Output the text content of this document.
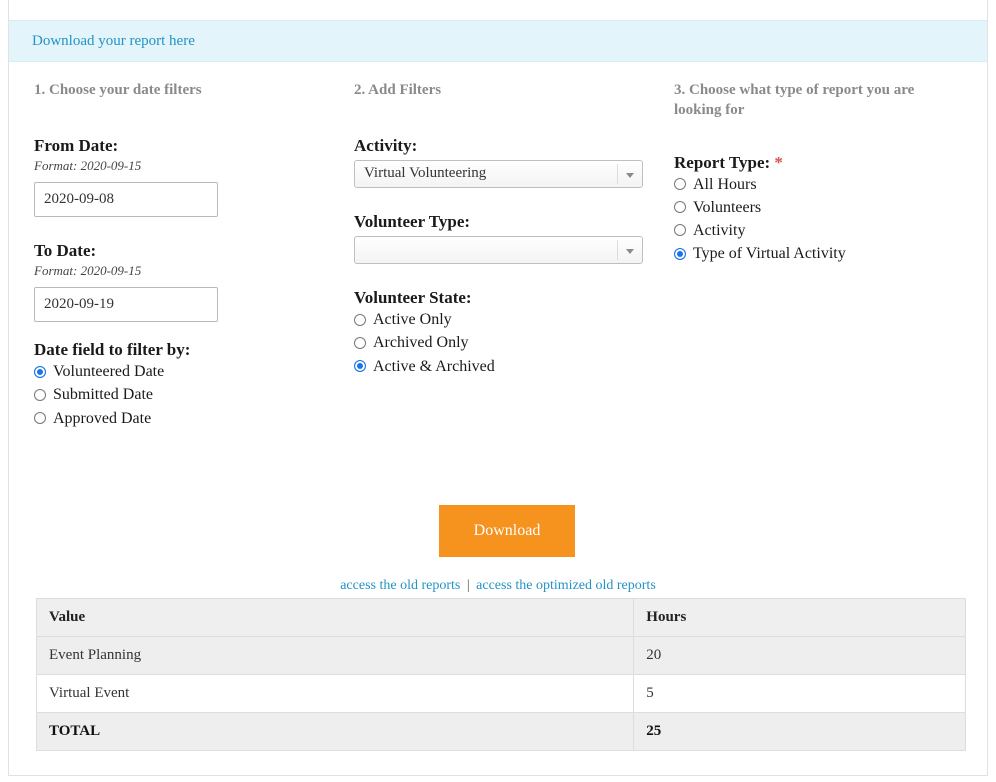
Download your report here

1. Choose your date filters

From Date:

Format: 2020-09-15

2020-09-08

To Date:

Format: 2020-09-15

2020-09-19

Date field to filter by:

Volunteered Date
Submitted Date
Approved Date

2. Add Filters

Activity:

Virtual Volunteering

Volunteer Type:

Volunteer State:

Active Only
Archived Only
Active & Archived

3. Choose what type of report you are looking for

Report Type: *

All Hours
Volunteers
Activity
Type of Virtual Activity
Download
access the old reports | access the optimized old reports
Value	Hours
Event Planning	20
Virtual Event	5
TOTAL	25
